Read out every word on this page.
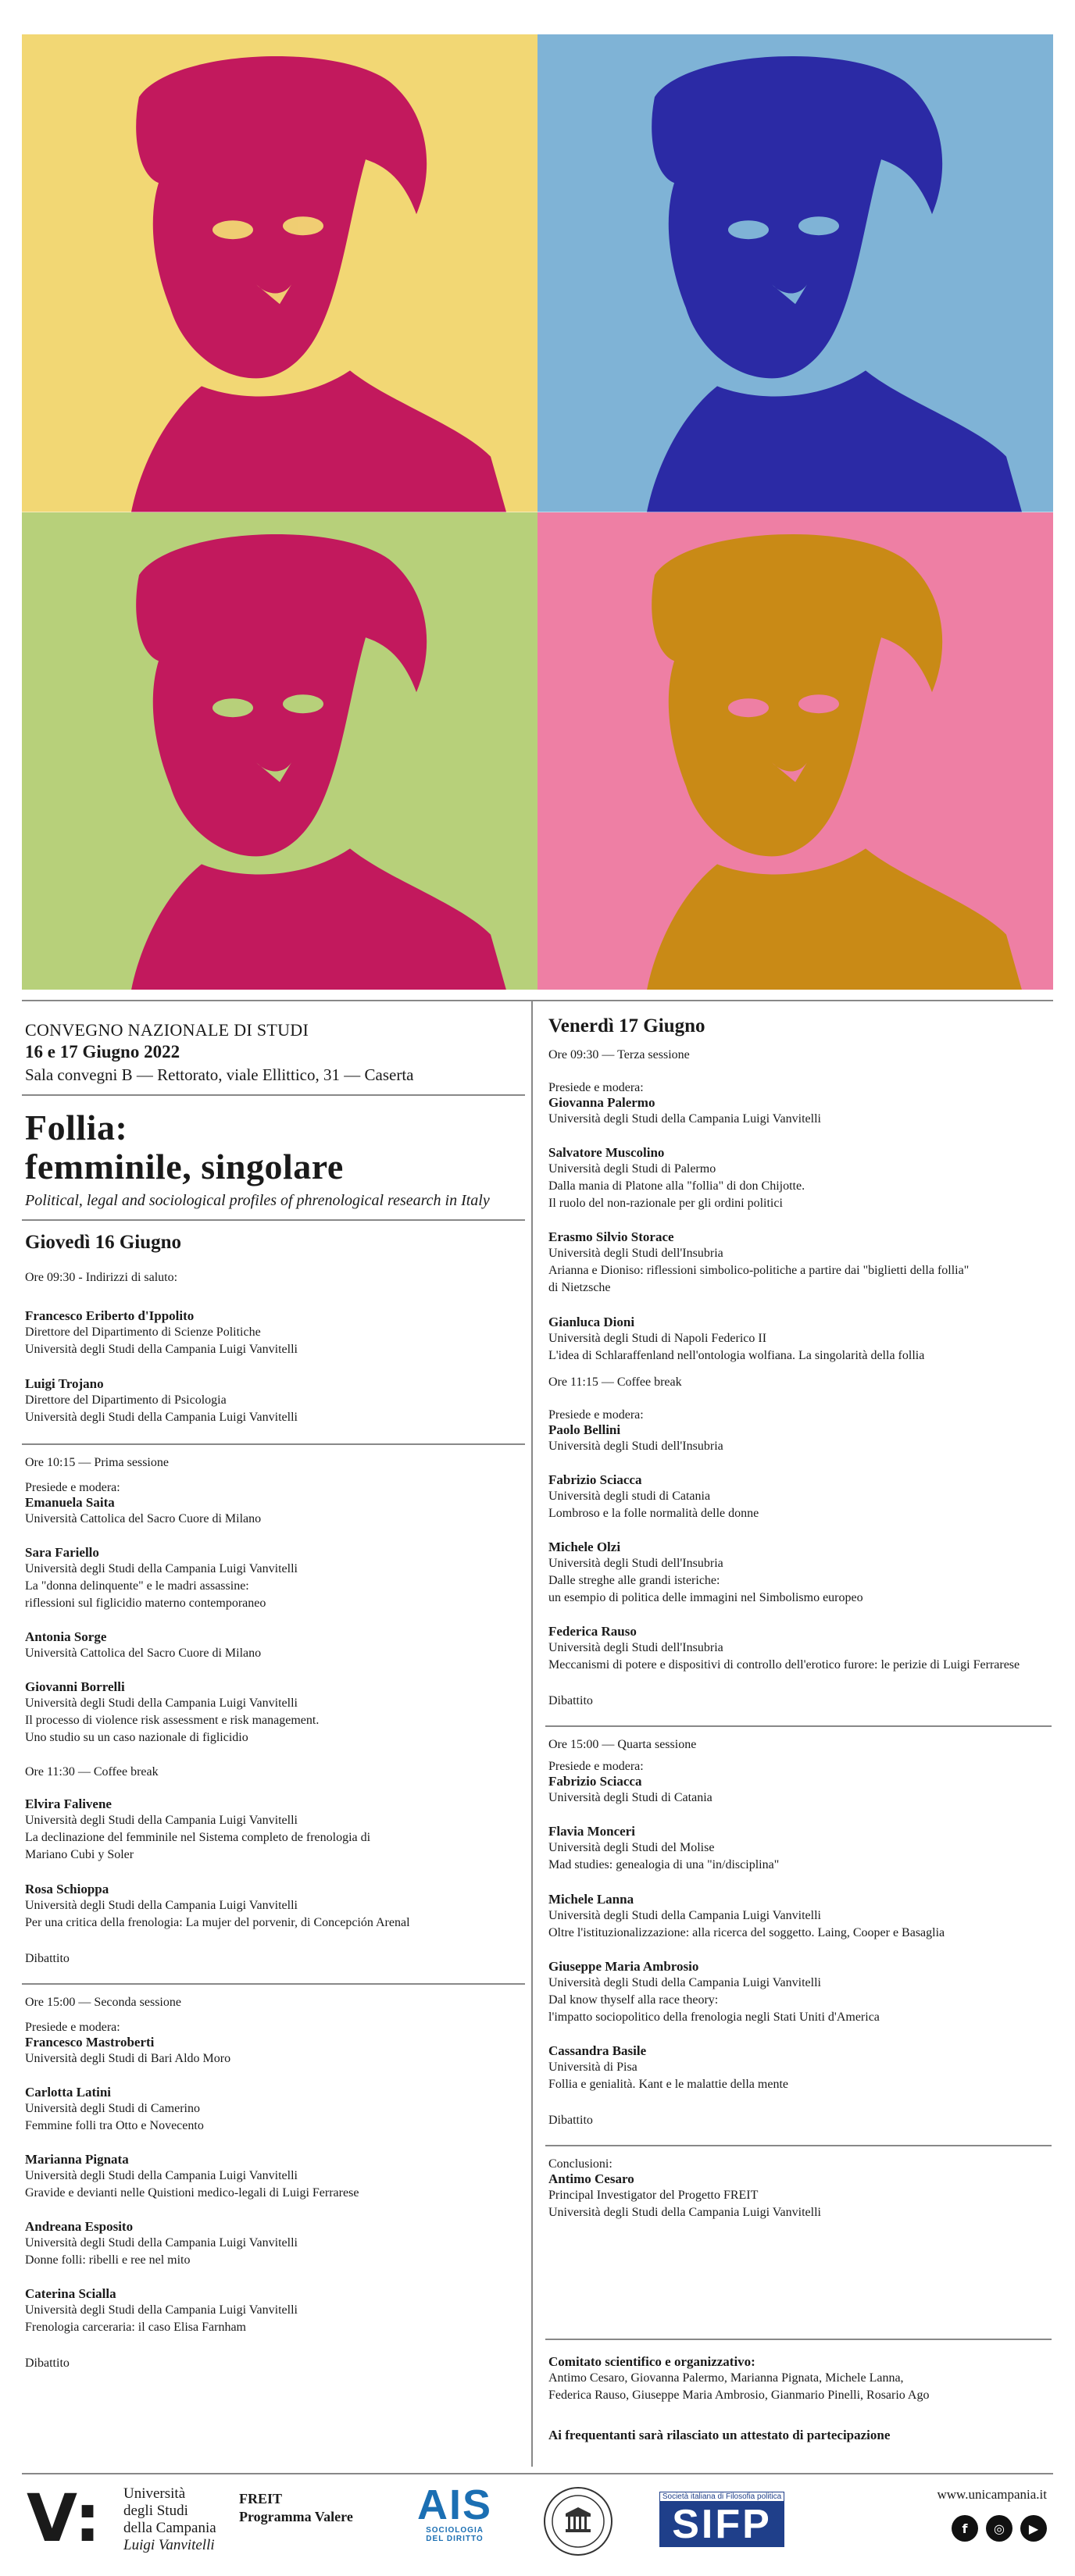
CONVEGNO NAZIONALE DI STUDI
16 e 17 Giugno 2022
Sala convegni B — Rettorato, viale Ellittico, 31 — Caserta
Follia:
femminile, singolare
Political, legal and sociological profiles of phrenological research in Italy
Giovedì 16 Giugno
Ore 09:30 - Indirizzi di saluto:
Francesco Eriberto d'Ippolito
Direttore del Dipartimento di Scienze Politiche
Università degli Studi della Campania Luigi Vanvitelli
Luigi Trojano
Direttore del Dipartimento di Psicologia
Università degli Studi della Campania Luigi Vanvitelli
Ore 10:15 — Prima sessione
Presiede e modera:
Emanuela Saita
Università Cattolica del Sacro Cuore di Milano
Sara Fariello
Università degli Studi della Campania Luigi Vanvitelli
La "donna delinquente" e le madri assassine:
riflessioni sul figlicidio materno contemporaneo
Antonia Sorge
Università Cattolica del Sacro Cuore di Milano
Giovanni Borrelli
Università degli Studi della Campania Luigi Vanvitelli
Il processo di violence risk assessment e risk management.
Uno studio su un caso nazionale di figlicidio
Ore 11:30 — Coffee break
Elvira Falivene
Università degli Studi della Campania Luigi Vanvitelli
La declinazione del femminile nel Sistema completo de frenologia di
Mariano Cubi y Soler
Rosa Schioppa
Università degli Studi della Campania Luigi Vanvitelli
Per una critica della frenologia: La mujer del porvenir, di Concepción Arenal
Dibattito
Ore 15:00 — Seconda sessione
Presiede e modera:
Francesco Mastroberti
Università degli Studi di Bari Aldo Moro
Carlotta Latini
Università degli Studi di Camerino
Femmine folli tra Otto e Novecento
Marianna Pignata
Università degli Studi della Campania Luigi Vanvitelli
Gravide e devianti nelle Quistioni medico-legali di Luigi Ferrarese
Andreana Esposito
Università degli Studi della Campania Luigi Vanvitelli
Donne folli: ribelli e ree nel mito
Caterina Scialla
Università degli Studi della Campania Luigi Vanvitelli
Frenologia carceraria: il caso Elisa Farnham
Dibattito
Venerdì 17 Giugno
Ore 09:30 — Terza sessione
Presiede e modera:
Giovanna Palermo
Università degli Studi della Campania Luigi Vanvitelli
Salvatore Muscolino
Università degli Studi di Palermo
Dalla mania di Platone alla "follia" di don Chijotte.
Il ruolo del non-razionale per gli ordini politici
Erasmo Silvio Storace
Università degli Studi dell'Insubria
Arianna e Dioniso: riflessioni simbolico-politiche a partire dai "biglietti della follia"
di Nietzsche
Gianluca Dioni
Università degli Studi di Napoli Federico II
L'idea di Schlaraffenland nell'ontologia wolfiana. La singolarità della follia
Ore 11:15 — Coffee break
Presiede e modera:
Paolo Bellini
Università degli Studi dell'Insubria
Fabrizio Sciacca
Università degli studi di Catania
Lombroso e la folle normalità delle donne
Michele Olzi
Università degli Studi dell'Insubria
Dalle streghe alle grandi isteriche:
un esempio di politica delle immagini nel Simbolismo europeo
Federica Rauso
Università degli Studi dell'Insubria
Meccanismi di potere e dispositivi di controllo dell'erotico furore: le perizie di Luigi Ferrarese
Dibattito
Ore 15:00 — Quarta sessione
Presiede e modera:
Fabrizio Sciacca
Università degli Studi di Catania
Flavia Monceri
Università degli Studi del Molise
Mad studies: genealogia di una "in/disciplina"
Michele Lanna
Università degli Studi della Campania Luigi Vanvitelli
Oltre l'istituzionalizzazione: alla ricerca del soggetto. Laing, Cooper e Basaglia
Giuseppe Maria Ambrosio
Università degli Studi della Campania Luigi Vanvitelli
Dal know thyself alla race theory:
l'impatto sociopolitico della frenologia negli Stati Uniti d'America
Cassandra Basile
Università di Pisa
Follia e genialità. Kant e le malattie della mente
Dibattito
Conclusioni:
Antimo Cesaro
Principal Investigator del Progetto FREIT
Università degli Studi della Campania Luigi Vanvitelli
Comitato scientifico e organizzativo:
Antimo Cesaro, Giovanna Palermo, Marianna Pignata, Michele Lanna,
Federica Rauso, Giuseppe Maria Ambrosio, Gianmario Pinelli, Rosario Ago
Ai frequentanti sarà rilasciato un attestato di partecipazione
V: Università
degli Studi
della Campania
Luigi Vanvitelli
FREIT
Programma Valere AIS
SOCIOLOGIA
DEL DIRITTO
Società italiana di Filosofia politica
SIFP
www.unicampania.it
f ◎ ▶
